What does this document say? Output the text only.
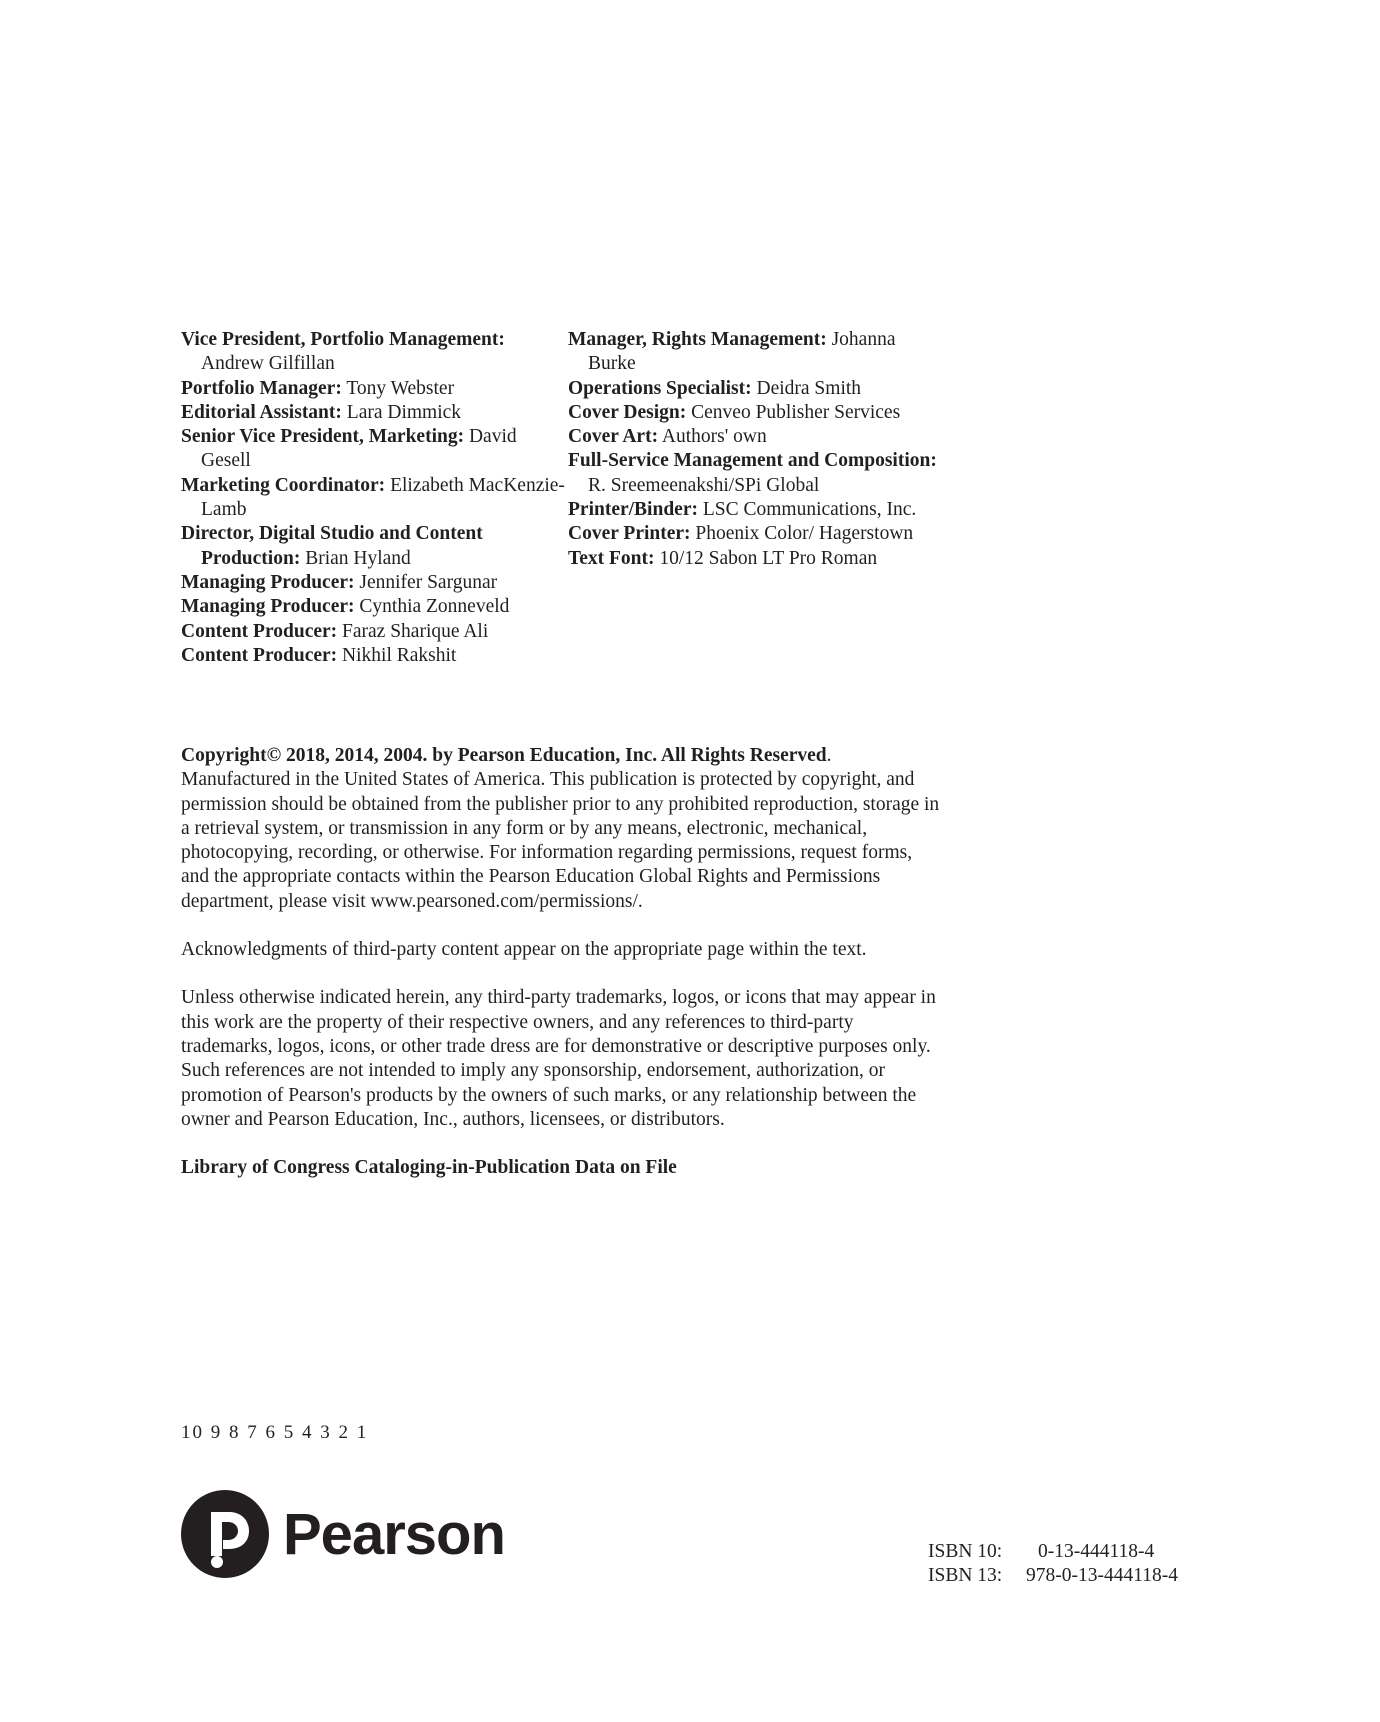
Vice President, Portfolio Management: Andrew Gilfillan

Portfolio Manager: Tony Webster

Editorial Assistant: Lara Dimmick

Senior Vice President, Marketing: David Gesell

Marketing Coordinator: Elizabeth MacKenzie-Lamb

Director, Digital Studio and Content Production: Brian Hyland

Managing Producer: Jennifer Sargunar

Managing Producer: Cynthia Zonneveld

Content Producer: Faraz Sharique Ali

Content Producer: Nikhil Rakshit

Manager, Rights Management: Johanna Burke

Operations Specialist: Deidra Smith

Cover Design: Cenveo Publisher Services

Cover Art: Authors' own

Full-Service Management and Composition: R. Sreemeenakshi/SPi Global

Printer/Binder: LSC Communications, Inc.

Cover Printer: Phoenix Color/ Hagerstown

Text Font: 10/12 Sabon LT Pro Roman

Copyright© 2018, 2014, 2004. by Pearson Education, Inc. All Rights Reserved. Manufactured in the United States of America. This publication is protected by copyright, and permission should be obtained from the publisher prior to any prohibited reproduction, storage in a retrieval system, or transmission in any form or by any means, electronic, mechanical, photocopying, recording, or otherwise. For information regarding permissions, request forms, and the appropriate contacts within the Pearson Education Global Rights and Permissions department, please visit www.pearsoned.com/permissions/.

Acknowledgments of third-party content appear on the appropriate page within the text.

Unless otherwise indicated herein, any third-party trademarks, logos, or icons that may appear in this work are the property of their respective owners, and any references to third-party trademarks, logos, icons, or other trade dress are for demonstrative or descriptive purposes only. Such references are not intended to imply any sponsorship, endorsement, authorization, or promotion of Pearson's products by the owners of such marks, or any relationship between the owner and Pearson Education, Inc., authors, licensees, or distributors.

Library of Congress Cataloging-in-Publication Data on File

10 9 8 7 6 5 4 3 2 1
Pearson	ISBN 10:	0-13-444118-4
ISBN 13:	978-0-13-444118-4
